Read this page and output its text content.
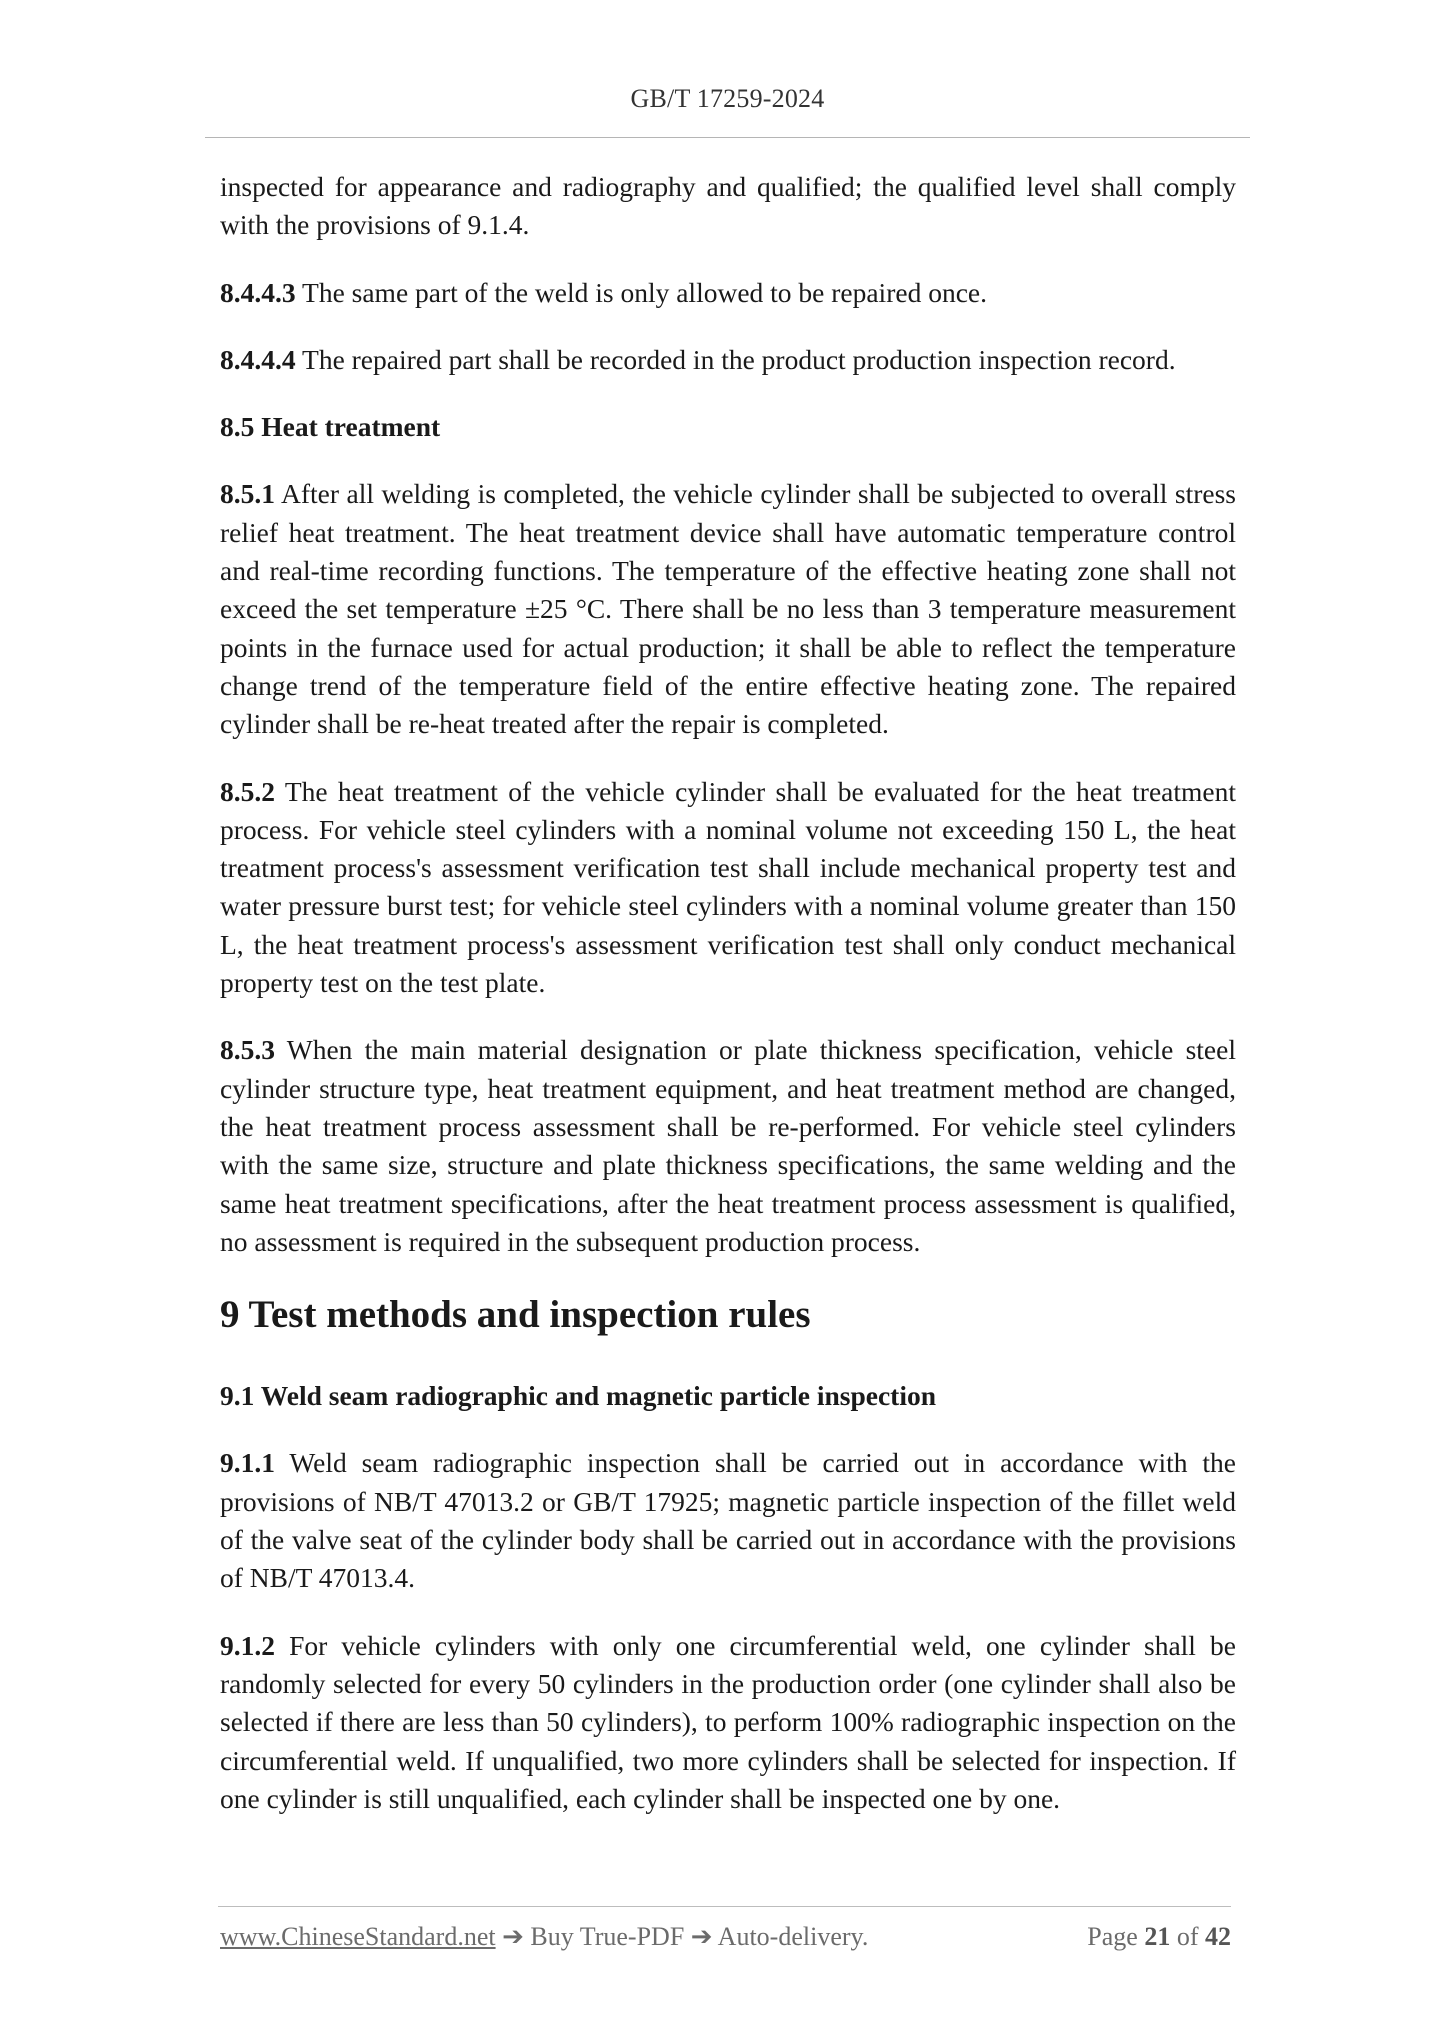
GB/T 17259-2024

inspected for appearance and radiography and qualified; the qualified level shall comply with the provisions of 9.1.4.

8.4.4.3 The same part of the weld is only allowed to be repaired once.

8.4.4.4 The repaired part shall be recorded in the product production inspection record.

8.5 Heat treatment

8.5.1 After all welding is completed, the vehicle cylinder shall be subjected to overall stress relief heat treatment. The heat treatment device shall have automatic temperature control and real-time recording functions. The temperature of the effective heating zone shall not exceed the set temperature ±25 °C. There shall be no less than 3 temperature measurement points in the furnace used for actual production; it shall be able to reflect the temperature change trend of the temperature field of the entire effective heating zone. The repaired cylinder shall be re-heat treated after the repair is completed.

8.5.2 The heat treatment of the vehicle cylinder shall be evaluated for the heat treatment process. For vehicle steel cylinders with a nominal volume not exceeding 150 L, the heat treatment process's assessment verification test shall include mechanical property test and water pressure burst test; for vehicle steel cylinders with a nominal volume greater than 150 L, the heat treatment process's assessment verification test shall only conduct mechanical property test on the test plate.

8.5.3 When the main material designation or plate thickness specification, vehicle steel cylinder structure type, heat treatment equipment, and heat treatment method are changed, the heat treatment process assessment shall be re-performed. For vehicle steel cylinders with the same size, structure and plate thickness specifications, the same welding and the same heat treatment specifications, after the heat treatment process assessment is qualified, no assessment is required in the subsequent production process.

9 Test methods and inspection rules
9.1 Weld seam radiographic and magnetic particle inspection

9.1.1 Weld seam radiographic inspection shall be carried out in accordance with the provisions of NB/T 47013.2 or GB/T 17925; magnetic particle inspection of the fillet weld of the valve seat of the cylinder body shall be carried out in accordance with the provisions of NB/T 47013.4.

9.1.2 For vehicle cylinders with only one circumferential weld, one cylinder shall be randomly selected for every 50 cylinders in the production order (one cylinder shall also be selected if there are less than 50 cylinders), to perform 100% radiographic inspection on the circumferential weld. If unqualified, two more cylinders shall be selected for inspection. If one cylinder is still unqualified, each cylinder shall be inspected one by one.

www.ChineseStandard.net ➔ Buy True-PDF ➔ Auto-delivery.	Page 21 of 42
